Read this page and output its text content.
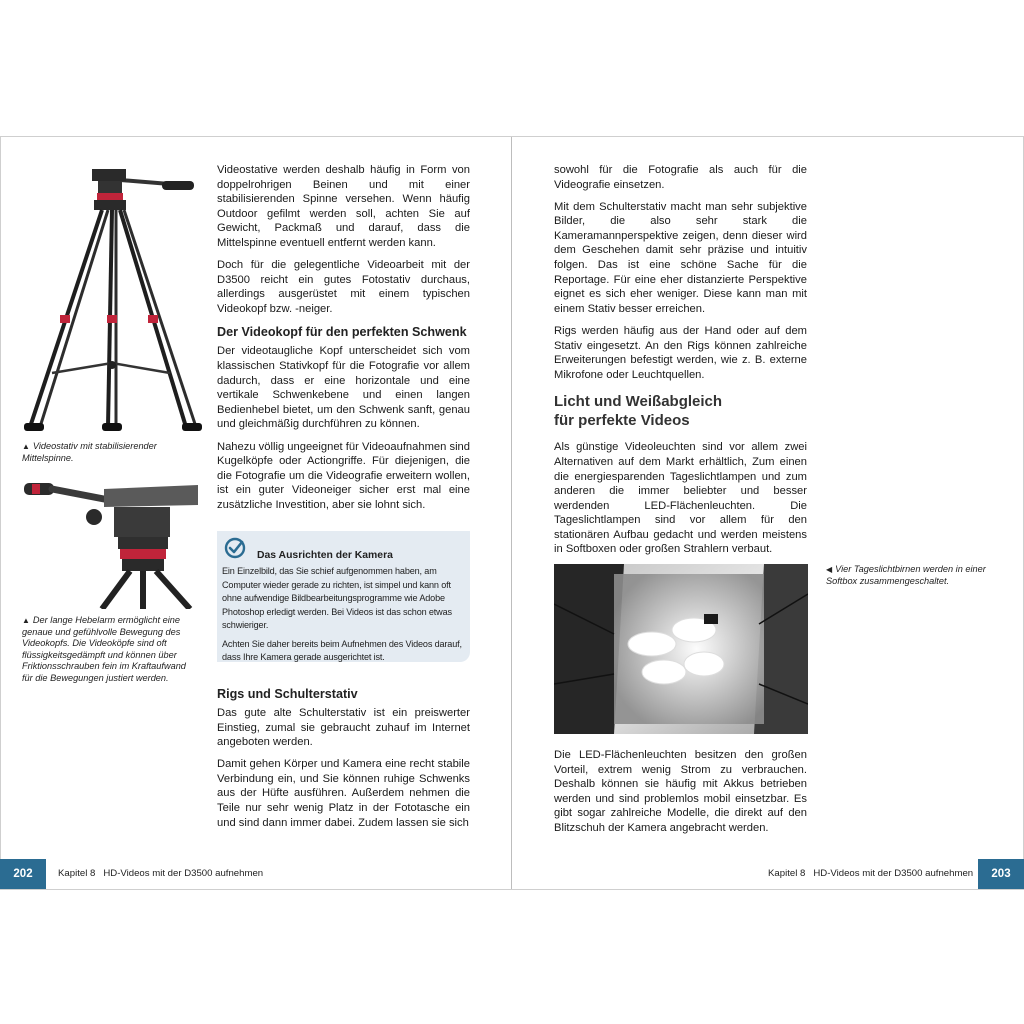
▲ Videostativ mit stabilisierender Mittelspinne.
▲ Der lange Hebelarm ermöglicht eine genaue und gefühlvolle Bewegung des Videokopfs. Die Videoköpfe sind oft flüssigkeitsgedämpft und können über Friktionsschrauben fein im Kraftaufwand für die Bewegungen justiert werden.

Videostative werden deshalb häufig in Form von doppelrohrigen Beinen und mit einer stabilisierenden Spinne versehen. Wenn häufig Outdoor gefilmt werden soll, achten Sie auf Gewicht, Packmaß und darauf, dass die Mittelspinne eventuell entfernt werden kann.

Doch für die gelegentliche Videoarbeit mit der D3500 reicht ein gutes Fotostativ durchaus, allerdings ausgerüstet mit einem typischen Videokopf bzw. -neiger.

Der Videokopf für den perfekten Schwenk

Der videotaugliche Kopf unterscheidet sich vom klassischen Stativkopf für die Fotografie vor allem dadurch, dass er eine horizontale und eine vertikale Schwenkebene und einen langen Bedienhebel bietet, um den Schwenk sanft, genau und gleichmäßig durchführen zu können.

Nahezu völlig ungeeignet für Videoaufnahmen sind Kugelköpfe oder Actiongriffe. Für diejenigen, die die Fotografie um die Videografie erweitern wollen, ist ein guter Videoneiger sicher erst mal eine zusätzliche Investition, aber sie lohnt sich.

Das Ausrichten der Kamera

Ein Einzelbild, das Sie schief aufgenommen haben, am Computer wieder gerade zu richten, ist simpel und kann oft ohne aufwendige Bildbearbeitungsprogramme wie Adobe Photoshop erledigt werden. Bei Videos ist das schon etwas schwieriger.

Achten Sie daher bereits beim Aufnehmen des Videos darauf, dass Ihre Kamera gerade ausgerichtet ist.

Rigs und Schulterstativ

Das gute alte Schulterstativ ist ein preiswerter Einstieg, zumal sie gebraucht zuhauf im Internet angeboten werden.

Damit gehen Körper und Kamera eine recht stabile Verbindung ein, und Sie können ruhige Schwenks aus der Hüfte ausführen. Außerdem nehmen die Teile nur sehr wenig Platz in der Fototasche ein und sind dann immer dabei. Zudem lassen sie sich

202	Kapitel 8   HD-Videos mit der D3500 aufnehmen

sowohl für die Fotografie als auch für die Videografie einsetzen.

Mit dem Schulterstativ macht man sehr subjektive Bilder, die also sehr stark die Kameramannperspektive zeigen, denn dieser wird dem Geschehen damit sehr präzise und intuitiv folgen. Das ist eine schöne Sache für die Reportage. Für eine eher distanzierte Perspektive eignet es sich eher weniger. Diese kann man mit einem Stativ besser erreichen.

Rigs werden häufig aus der Hand oder auf dem Stativ eingesetzt. An den Rigs können zahlreiche Erweiterungen befestigt werden, wie z. B. externe Mikrofone oder Leuchtquellen.

Licht und Weißabgleich
für perfekte Videos

Als günstige Videoleuchten sind vor allem zwei Alternativen auf dem Markt erhältlich, Zum einen die energiesparenden Tageslichtlampen und zum anderen die immer beliebter und besser werdenden LED-Flächenleuchten. Die Tageslichtlampen sind vor allem für den stationären Aufbau gedacht und werden meistens in Softboxen oder großen Strahlern verbaut.

◀ Vier Tageslichtbirnen werden in einer Softbox zusammengeschaltet.

Die LED-Flächenleuchten besitzen den großen Vorteil, extrem wenig Strom zu verbrauchen. Deshalb können sie häufig mit Akkus betrieben werden und sind problemlos mobil einsetzbar. Es gibt sogar zahlreiche Modelle, die direkt auf den Blitzschuh der Kamera angebracht werden.

Kapitel 8   HD-Videos mit der D3500 aufnehmen	203
